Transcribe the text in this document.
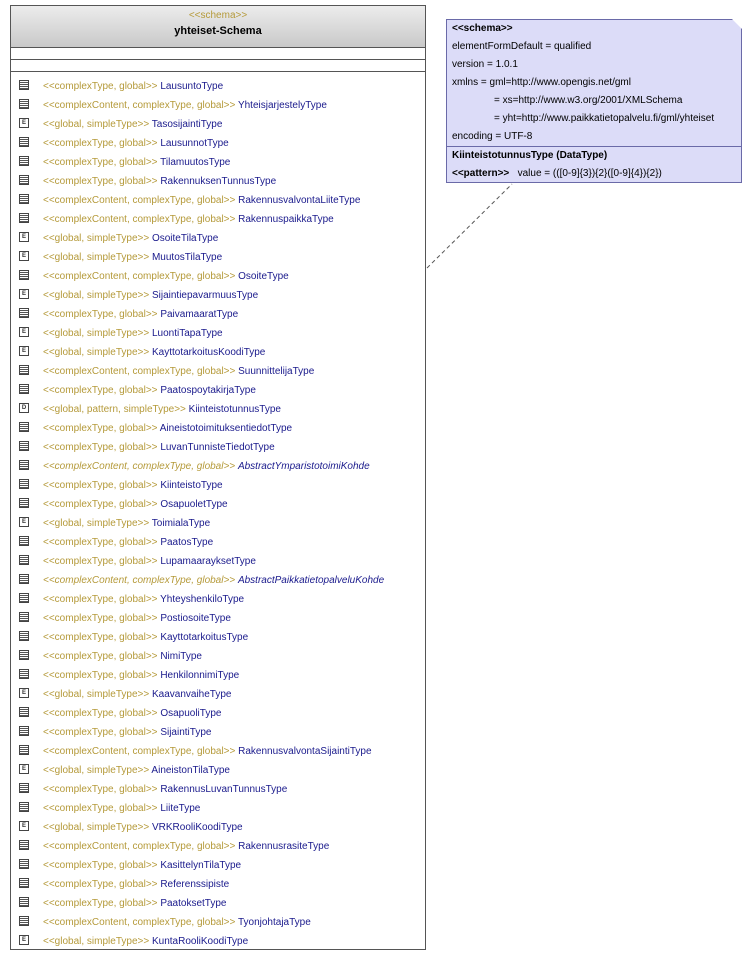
<<schema>>
yhteiset-Schema
<<complexType, global>> LausuntoType
<<complexContent, complexType, global>> YhteisjarjestelyType
E <<global, simpleType>> TasosijaintiType
<<complexType, global>> LausunnotType
<<complexType, global>> TilamuutosType
<<complexType, global>> RakennuksenTunnusType
<<complexContent, complexType, global>> RakennusvalvontaLiiteType
<<complexContent, complexType, global>> RakennuspaikkaType
E <<global, simpleType>> OsoiteTilaType
E <<global, simpleType>> MuutosTilaType
<<complexContent, complexType, global>> OsoiteType
E <<global, simpleType>> SijaintiepavarmuusType
<<complexType, global>> PaivamaaratType
E <<global, simpleType>> LuontiTapaType
E <<global, simpleType>> KayttotarkoitusKoodiType
<<complexContent, complexType, global>> SuunnittelijaType
<<complexType, global>> PaatospoytakirjaType
D <<global, pattern, simpleType>> KiinteistotunnusType
<<complexType, global>> AineistotoimituksentiedotType
<<complexType, global>> LuvanTunnisteTiedotType
<<complexContent, complexType, global>> AbstractYmparistotoimiKohde
<<complexType, global>> KiinteistoType
<<complexType, global>> OsapuoletType
E <<global, simpleType>> ToimialaType
<<complexType, global>> PaatosType
<<complexType, global>> LupamaarayksetType
<<complexContent, complexType, global>> AbstractPaikkatietopalveluKohde
<<complexType, global>> YhteyshenkiloType
<<complexType, global>> PostiosoiteType
<<complexType, global>> KayttotarkoitusType
<<complexType, global>> NimiType
<<complexType, global>> HenkilonnimiType
E <<global, simpleType>> KaavanvaiheType
<<complexType, global>> OsapuoliType
<<complexType, global>> SijaintiType
<<complexContent, complexType, global>> RakennusvalvontaSijaintiType
E <<global, simpleType>> AineistonTilaType
<<complexType, global>> RakennusLuvanTunnusType
<<complexType, global>> LiiteType
E <<global, simpleType>> VRKRooliKoodiType
<<complexContent, complexType, global>> RakennusrasiteType
<<complexType, global>> KasittelynTilaType
<<complexType, global>> Referenssipiste
<<complexType, global>> PaatoksetType
<<complexContent, complexType, global>> TyonjohtajaType
E <<global, simpleType>> KuntaRooliKoodiType
<<schema>>
elementFormDefault = qualified
version = 1.0.1
xmlns = gml=http://www.opengis.net/gml
= xs=http://www.w3.org/2001/XMLSchema
= yht=http://www.paikkatietopalvelu.fi/gml/yhteiset
encoding = UTF-8
KiinteistotunnusType (DataType)
<<pattern>> value = (([0-9]{3}){2}([0-9]{4}){2})
